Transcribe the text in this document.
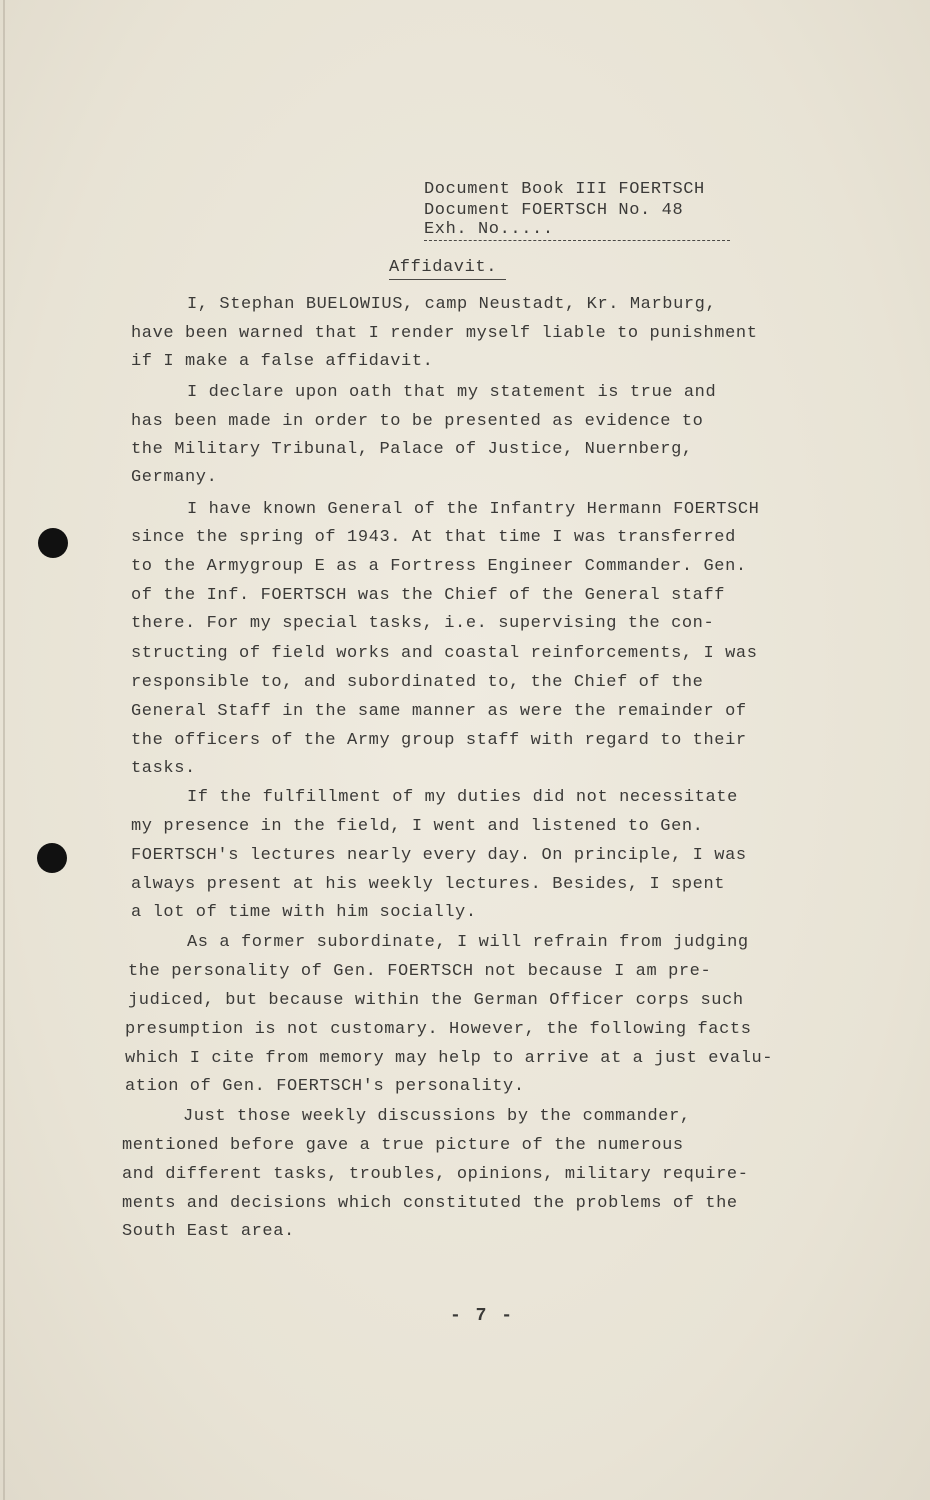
Document Book III FOERTSCH
Document FOERTSCH No. 48
Exh. No.....
Affidavit.
I, Stephan BUELOWIUS, camp Neustadt, Kr. Marburg,
have been warned that I render myself liable to punishment
if I make a false affidavit.
I declare upon oath that my statement is true and
has been made in order to be presented as evidence to
the Military Tribunal, Palace of Justice, Nuernberg,
Germany.
I have known General of the Infantry Hermann FOERTSCH
since the spring of 1943. At that time I was transferred
to the Armygroup E as a Fortress Engineer Commander. Gen.
of the Inf. FOERTSCH was the Chief of the General staff
there. For my special tasks, i.e. supervising the con-
structing of field works and coastal reinforcements, I was
responsible to, and subordinated to, the Chief of the
General Staff in the same manner as were the remainder of
the officers of the Army group staff with regard to their
tasks.
If the fulfillment of my duties did not necessitate
my presence in the field, I went and listened to Gen.
FOERTSCH's lectures nearly every day. On principle, I was
always present at his weekly lectures. Besides, I spent
a lot of time with him socially.
As a former subordinate, I will refrain from judging
the personality of Gen. FOERTSCH not because I am pre-
judiced, but because within the German Officer corps such
presumption is not customary. However, the following facts
which I cite from memory may help to arrive at a just evalu-
ation of Gen. FOERTSCH's personality.
Just those weekly discussions by the commander,
mentioned before gave a true picture of the numerous
and different tasks, troubles, opinions, military require-
ments and decisions which constituted the problems of the
South East area.
- 7 -
